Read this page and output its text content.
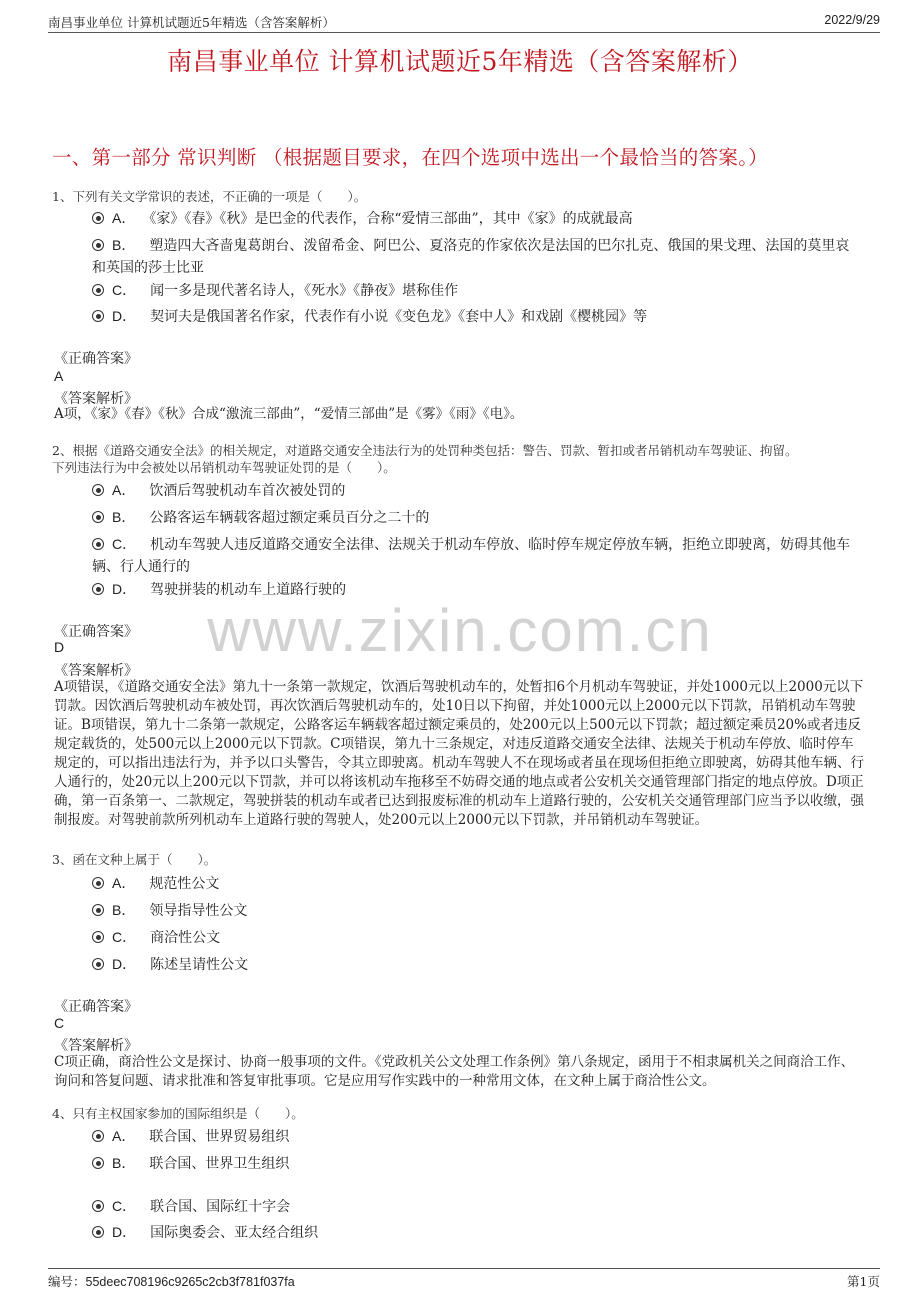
南昌事业单位 计算机试题近5年精选（含答案解析）	2022/9/29
南昌事业单位 计算机试题近5年精选（含答案解析）
一、第一部分 常识判断 （根据题目要求，在四个选项中选出一个最恰当的答案。）
www.zixin.com.cn

1、下列有关文学常识的表述，不正确的一项是（　　）。

A． 《家》《春》《秋》是巴金的代表作，合称“爱情三部曲”，其中《家》的成就最高
B． 塑造四大吝啬鬼葛朗台、泼留希金、阿巴公、夏洛克的作家依次是法国的巴尔扎克、俄国的果戈理、法国的莫里哀和英国的莎士比亚
C． 闻一多是现代著名诗人，《死水》《静夜》堪称佳作
D． 契诃夫是俄国著名作家，代表作有小说《变色龙》《套中人》和戏剧《樱桃园》等
《正确答案》
A
《答案解析》
A项，《家》《春》《秋》合成“激流三部曲”，“爱情三部曲”是《雾》《雨》《电》。

2、根据《道路交通安全法》的相关规定，对道路交通安全违法行为的处罚种类包括：警告、罚款、暂扣或者吊销机动车驾驶证、拘留。

下列违法行为中会被处以吊销机动车驾驶证处罚的是（　　）。

A． 饮酒后驾驶机动车首次被处罚的
B． 公路客运车辆载客超过额定乘员百分之二十的
C． 机动车驾驶人违反道路交通安全法律、法规关于机动车停放、临时停车规定停放车辆，拒绝立即驶离，妨碍其他车辆、行人通行的
D． 驾驶拼装的机动车上道路行驶的
《正确答案》
D
《答案解析》
A项错误，《道路交通安全法》第九十一条第一款规定，饮酒后驾驶机动车的，处暂扣6个月机动车驾驶证，并处1000元以上2000元以下罚款。因饮酒后驾驶机动车被处罚，再次饮酒后驾驶机动车的，处10日以下拘留，并处1000元以上2000元以下罚款，吊销机动车驾驶证。B项错误，第九十二条第一款规定，公路客运车辆载客超过额定乘员的，处200元以上500元以下罚款；超过额定乘员20%或者违反规定载货的，处500元以上2000元以下罚款。C项错误，第九十三条规定，对违反道路交通安全法律、法规关于机动车停放、临时停车规定的，可以指出违法行为，并予以口头警告，令其立即驶离。机动车驾驶人不在现场或者虽在现场但拒绝立即驶离，妨碍其他车辆、行人通行的，处20元以上200元以下罚款，并可以将该机动车拖移至不妨碍交通的地点或者公安机关交通管理部门指定的地点停放。D项正确，第一百条第一、二款规定，驾驶拼装的机动车或者已达到报废标准的机动车上道路行驶的，公安机关交通管理部门应当予以收缴，强制报废。对驾驶前款所列机动车上道路行驶的驾驶人，处200元以上2000元以下罚款，并吊销机动车驾驶证。

3、函在文种上属于（　　）。

A． 规范性公文
B． 领导指导性公文
C． 商洽性公文
D． 陈述呈请性公文
《正确答案》
C
《答案解析》
C项正确，商洽性公文是探讨、协商一般事项的文件。《党政机关公文处理工作条例》第八条规定，函用于不相隶属机关之间商洽工作、询问和答复问题、请求批准和答复审批事项。它是应用写作实践中的一种常用文体，在文种上属于商洽性公文。

4、只有主权国家参加的国际组织是（　　）。

A． 联合国、世界贸易组织
B． 联合国、世界卫生组织
C． 联合国、国际红十字会
D． 国际奥委会、亚太经合组织
编号：55deec708196c9265c2cb3f781f037fa	第1页
